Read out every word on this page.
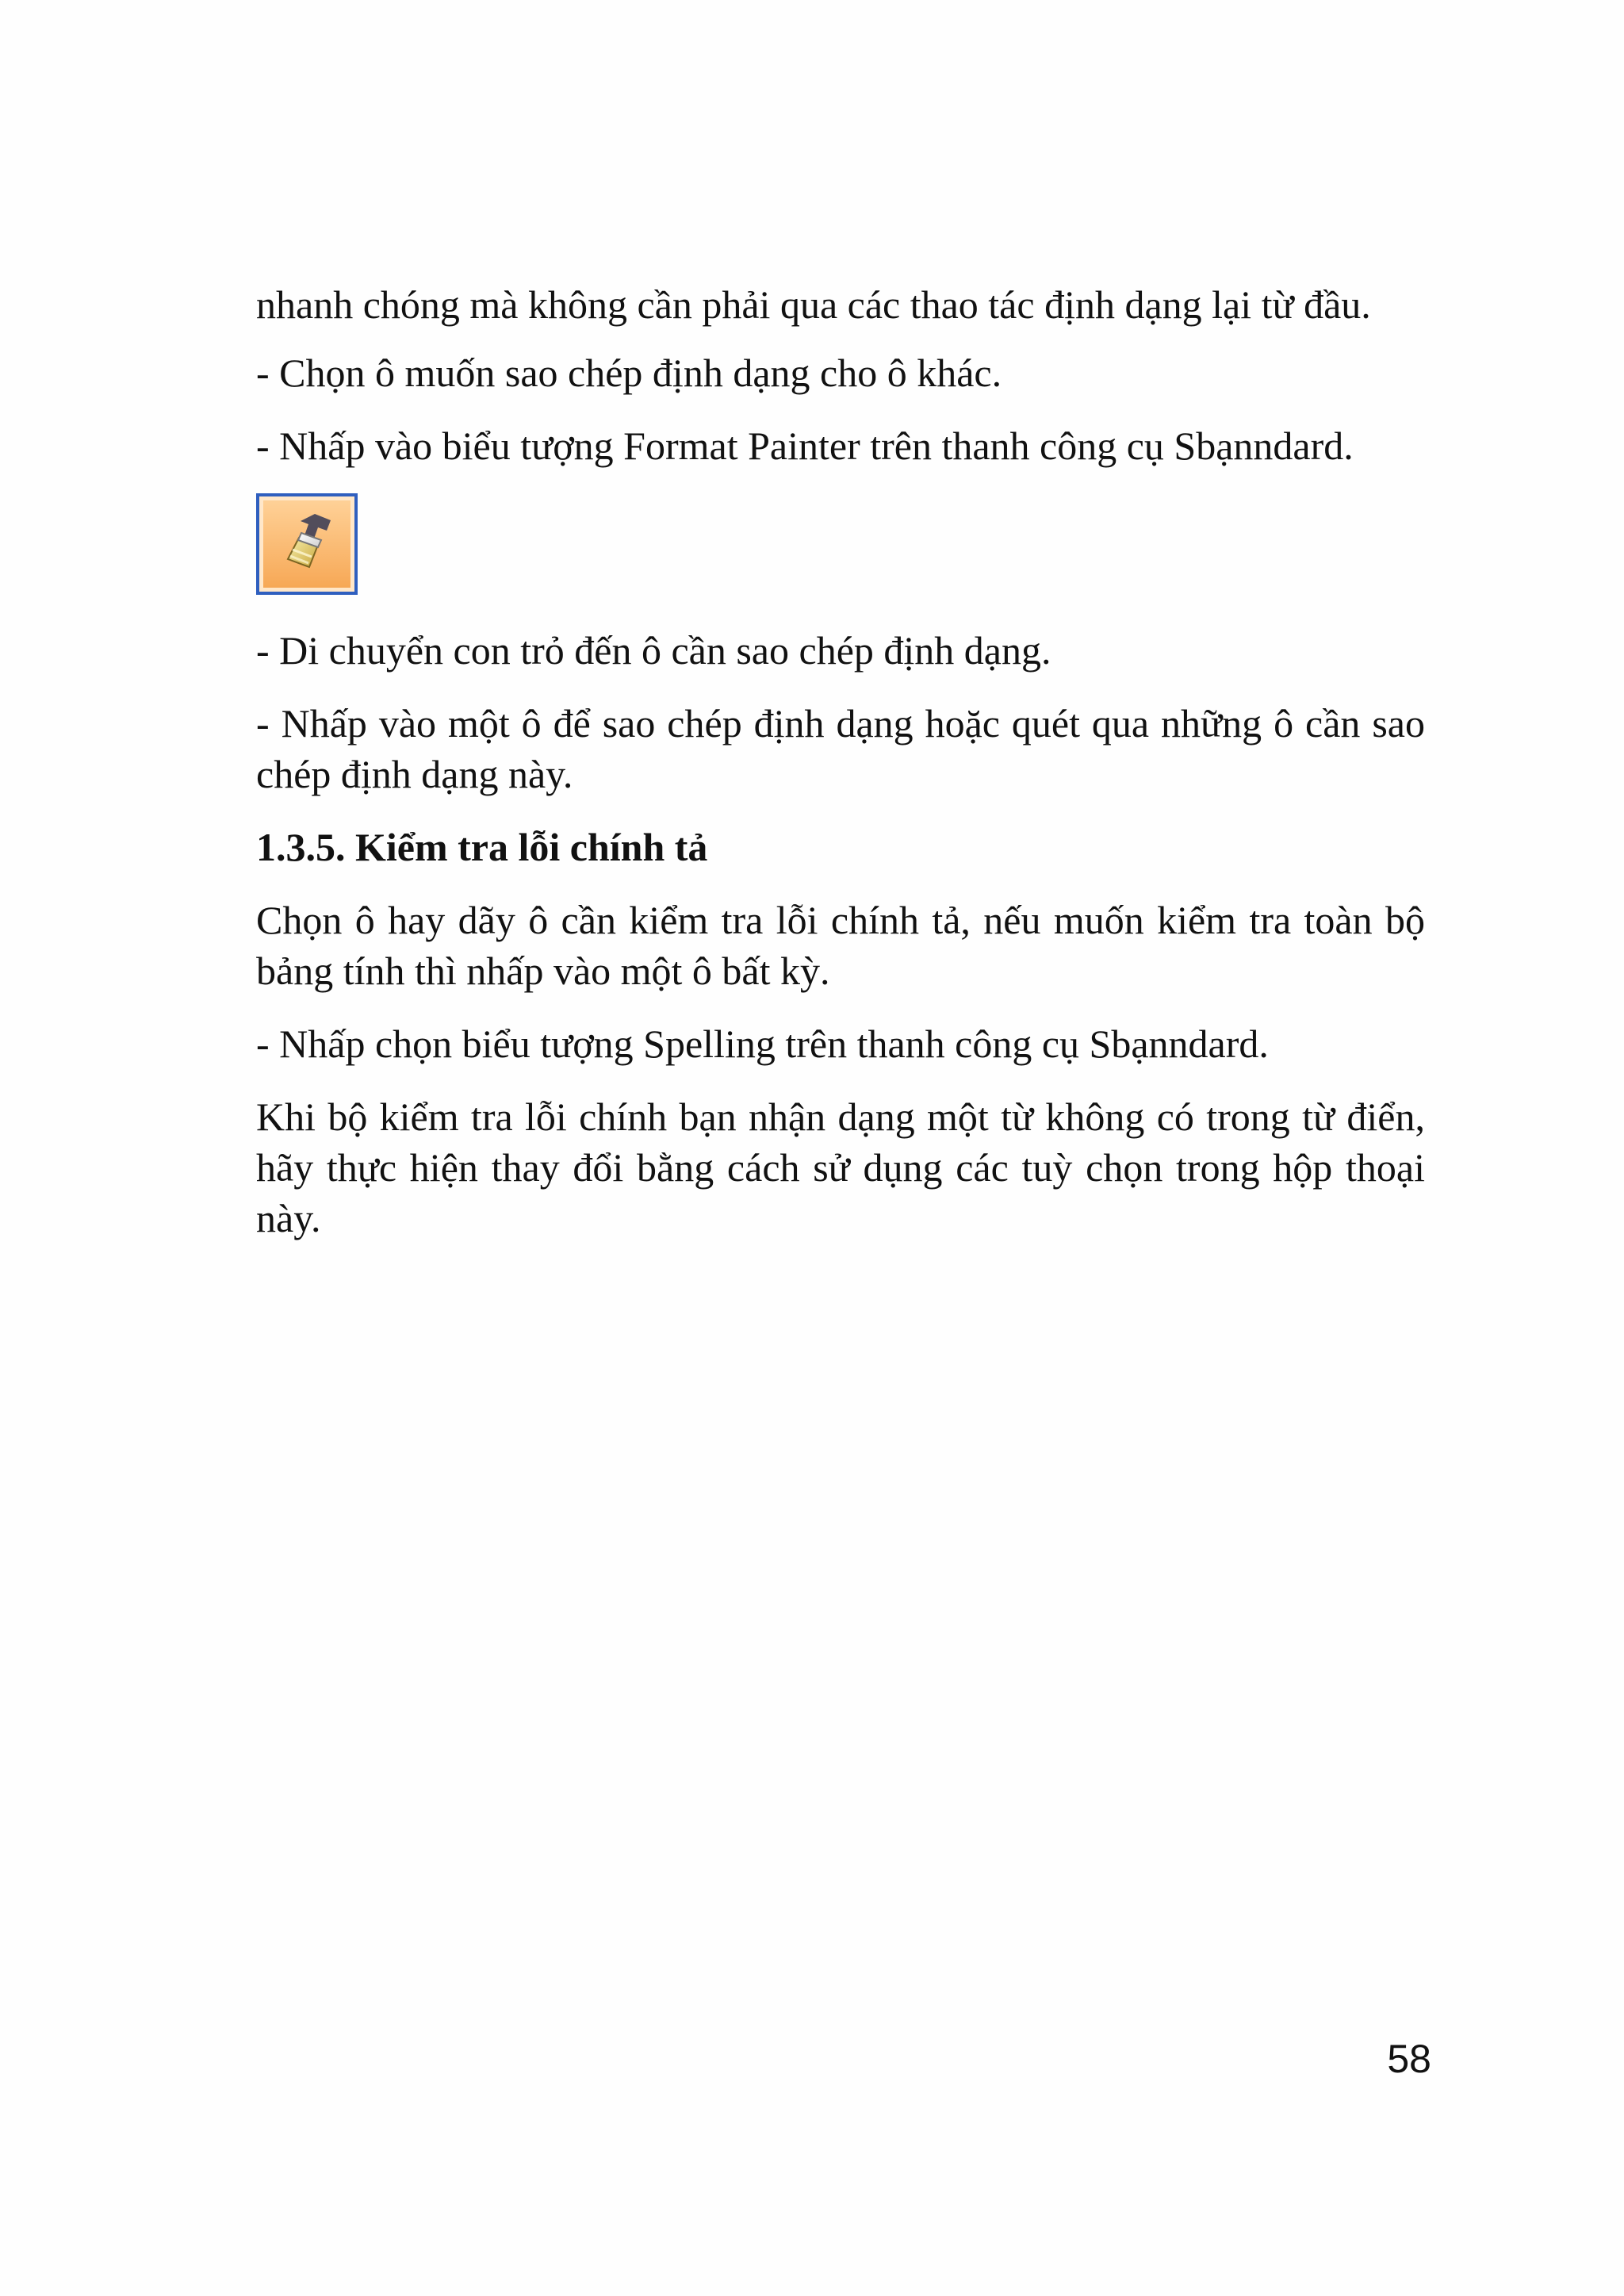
nhanh chóng mà không cần phải qua các thao tác định dạng lại từ đầu.

- Chọn ô muốn sao chép định dạng cho ô khác.

- Nhấp vào biểu tượng Format Painter trên thanh công cụ Sbạnndard.

- Di chuyển con trỏ đến ô cần sao chép định dạng.

- Nhấp vào một ô để sao chép định dạng hoặc quét qua những ô cần sao chép định dạng này.

1.3.5. Kiểm tra lỗi chính tả

Chọn ô hay dãy ô cần kiểm tra lỗi chính tả, nếu muốn kiểm tra toàn bộ bảng tính thì nhấp vào một ô bất kỳ.

- Nhấp chọn biểu tượng Spelling trên thanh công cụ Sbạnndard.

Khi bộ kiểm tra lỗi chính bạn nhận dạng một từ không có trong từ điển, hãy thực hiện thay đổi bằng cách sử dụng các tuỳ chọn trong hộp thoại này.

58
